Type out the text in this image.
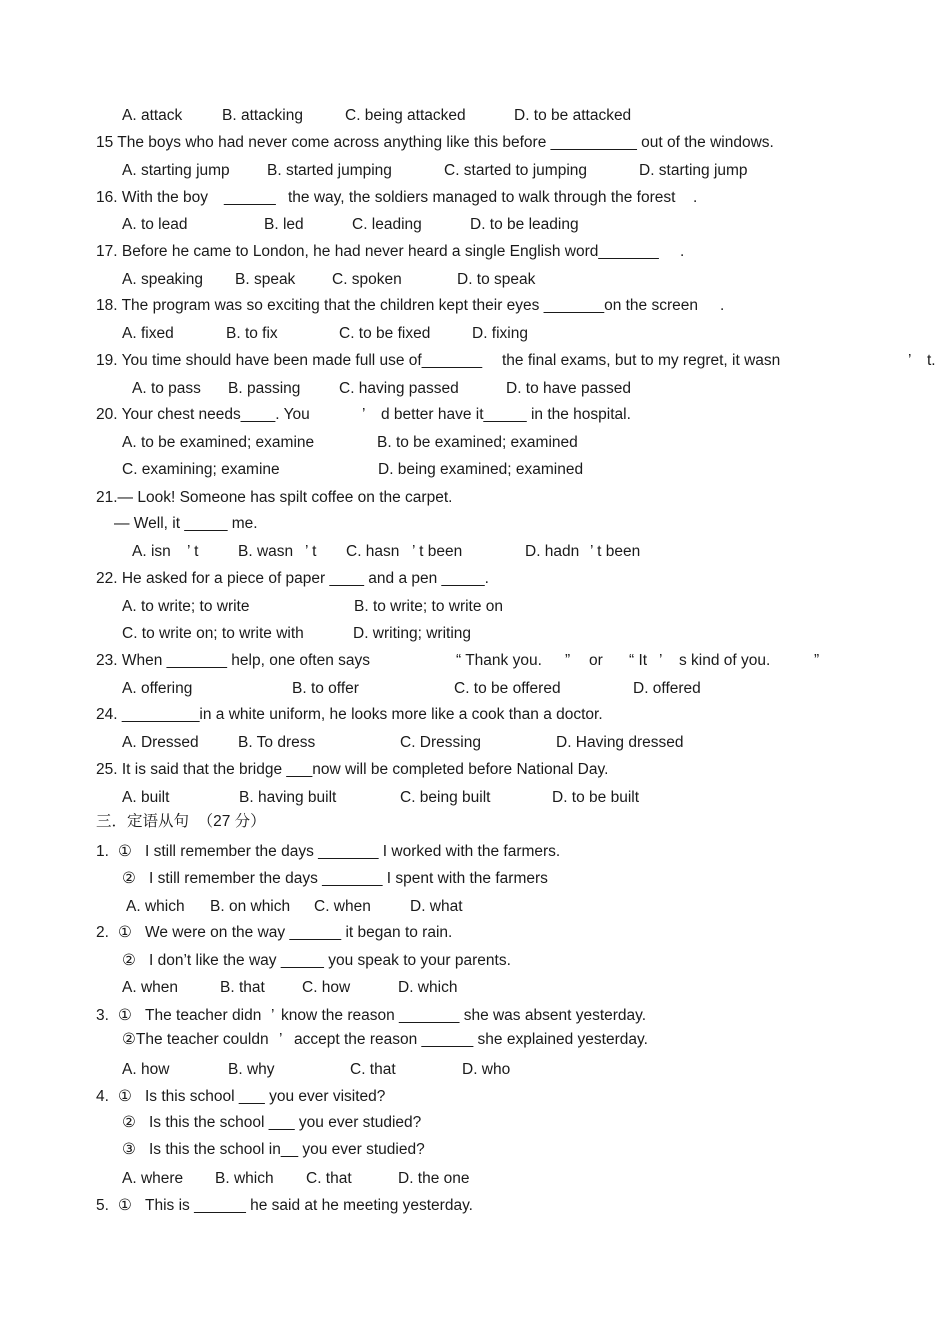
A. attack	B. attacking	C. being attacked	D. to be attacked
15 The boys who had never come across anything like this before __________ out of the windows.
A. starting jump B. started jumping	C. started to jumping	D. starting jump
16. With the boy ______ the way, the soldiers managed to walk through the forest .
A. to lead	B. led	C. leading	D. to be leading
17. Before he came to London, he had never heard a single English word_______ .
A. speaking B. speak C. spoken	D. to speak
18. The program was so exciting that the children kept their eyes _______on the screen .
A. fixed	B. to fix	C. to be fixed	D. fixing
19. You time should have been made full use of_______ the final exams, but to my regret, it wasn	’ t.
A. to pass B. passing C. having passed	D. to have passed
20. Your chest needs____. You	’ d better have it_____ in the hospital.
A. to be examined; examine	B. to be examined; examined
C. examining; examine	D. being examined; examined
21.— Look! Someone has spilt coffee on the carpet.
— Well, it _____ me.
A. isn ’ t	B. wasn ’ t C. hasn ’ t been	D. hadn ’ t been
22. He asked for a piece of paper ____ and a pen _____.
A. to write; to write	B. to write; to write on
C. to write on; to write with	D. writing; writing
23. When _______ help, one often says	“ Thank you. ” or “ It ’ s kind of you.	”
A. offering	B. to offer	C. to be offered	D. offered
24. _________in a white uniform, he looks more like a cook than a doctor.
A. Dressed	B. To dress	C. Dressing	D. Having dressed
25. It is said that the bridge ___now will be completed before National Day.
A. built	B. having built	C. being built	D. to be built
三．定语从句  （27 分）
1. ① I still remember the days _______ I worked with the farmers.
② I still remember the days _______ I spent with the farmers
A. which B. on which C. when	D. what
2. ① We were on the way ______ it began to rain.
② I don’t like the way _____ you speak to your parents.
A. when	B. that C. how	D. which
3. ① The teacher didn ’ know the reason _______ she was absent yesterday.
②The teacher couldn ’ accept the reason ______ she explained yesterday.
A. how	B. why	C. that	D. who
4. ① Is this school ___ you ever visited?
② Is this the school ___ you ever studied?
③ Is this the school in__ you ever studied?
A. where B. which C. that	D. the one
5. ① This is ______ he said at he meeting yesterday.
